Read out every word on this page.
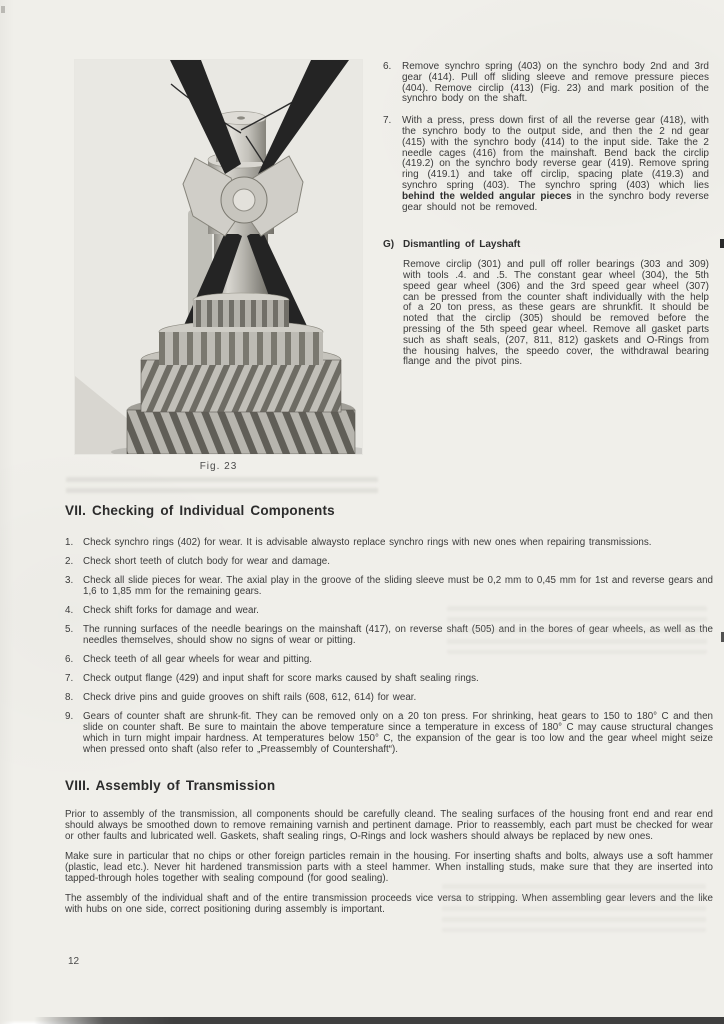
Fig. 23
6.	Remove synchro spring (403) on the synchro body 2nd and 3rd gear (414). Pull off sliding sleeve and remove pressure pieces (404). Remove circlip (413) (Fig. 23) and mark position of the synchro body on the shaft.
7.	With a press, press down first of all the reverse gear (418), with the synchro body to the output side, and then the 2 nd gear (415) with the synchro body (414) to the input side. Take the 2 needle cages (416) from the mainshaft. Bend back the circlip (419.2) on the synchro body reverse gear (419). Remove spring ring (419.1) and take off circlip, spacing plate (419.3) and synchro spring (403). The synchro spring (403) which lies behind the welded angular pieces in the synchro body reverse gear should not be removed.
G) Dismantling of Layshaft
Remove circlip (301) and pull off roller bearings (303 and 309) with tools .4. and .5. The constant gear wheel (304), the 5th speed gear wheel (306) and the 3rd speed gear wheel (307) can be pressed from the counter shaft individually with the help of a 20 ton press, as these gears are shrunkfit. It should be noted that the circlip (305) should be removed before the pressing of the 5th speed gear wheel. Remove all gasket parts such as shaft seals, (207, 811, 812) gaskets and O-Rings from the housing halves, the speedo cover, the withdrawal bearing flange and the pivot pins.
VII. Checking of Individual Components
1.	Check synchro rings (402) for wear. It is advisable alwaysto replace synchro rings with new ones when repairing transmissions.
2.	Check short teeth of clutch body for wear and damage.
3.	Check all slide pieces for wear. The axial play in the groove of the sliding sleeve must be 0,2 mm to 0,45 mm for 1st and reverse gears and 1,6 to 1,85 mm for the remaining gears.
4.	Check shift forks for damage and wear.
5.	The running surfaces of the needle bearings on the mainshaft (417), on reverse shaft (505) and in the bores of gear wheels, as well as the needles themselves, should show no signs of wear or pitting.
6.	Check teeth of all gear wheels for wear and pitting.
7.	Check output flange (429) and input shaft for score marks caused by shaft sealing rings.
8.	Check drive pins and guide grooves on shift rails (608, 612, 614) for wear.
9.	Gears of counter shaft are shrunk-fit. They can be removed only on a 20 ton press. For shrinking, heat gears to 150 to 180° C and then slide on counter shaft. Be sure to maintain the above temperature since a temperature in excess of 180° C may cause structural changes which in turn might impair hardness. At temperatures below 150° C, the expansion of the gear is too low and the gear wheel might seize when pressed onto shaft (also refer to „Preassembly of Countershaft“).
VIII. Assembly of Transmission
Prior to assembly of the transmission, all components should be carefully cleand. The sealing surfaces of the housing front end and rear end should always be smoothed down to remove remaining varnish and pertinent damage. Prior to reassembly, each part must be checked for wear or other faults and lubricated well. Gaskets, shaft sealing rings, O-Rings and lock washers should always be replaced by new ones.
Make sure in particular that no chips or other foreign particles remain in the housing. For inserting shafts and bolts, always use a soft hammer (plastic, lead etc.). Never hit hardened transmission parts with a steel hammer. When installing studs, make sure that they are inserted into tapped-through holes together with sealing compound (for good sealing).
The assembly of the individual shaft and of the entire transmission proceeds vice versa to stripping. When assembling gear levers and the like with hubs on one side, correct positioning during assembly is important.
12
